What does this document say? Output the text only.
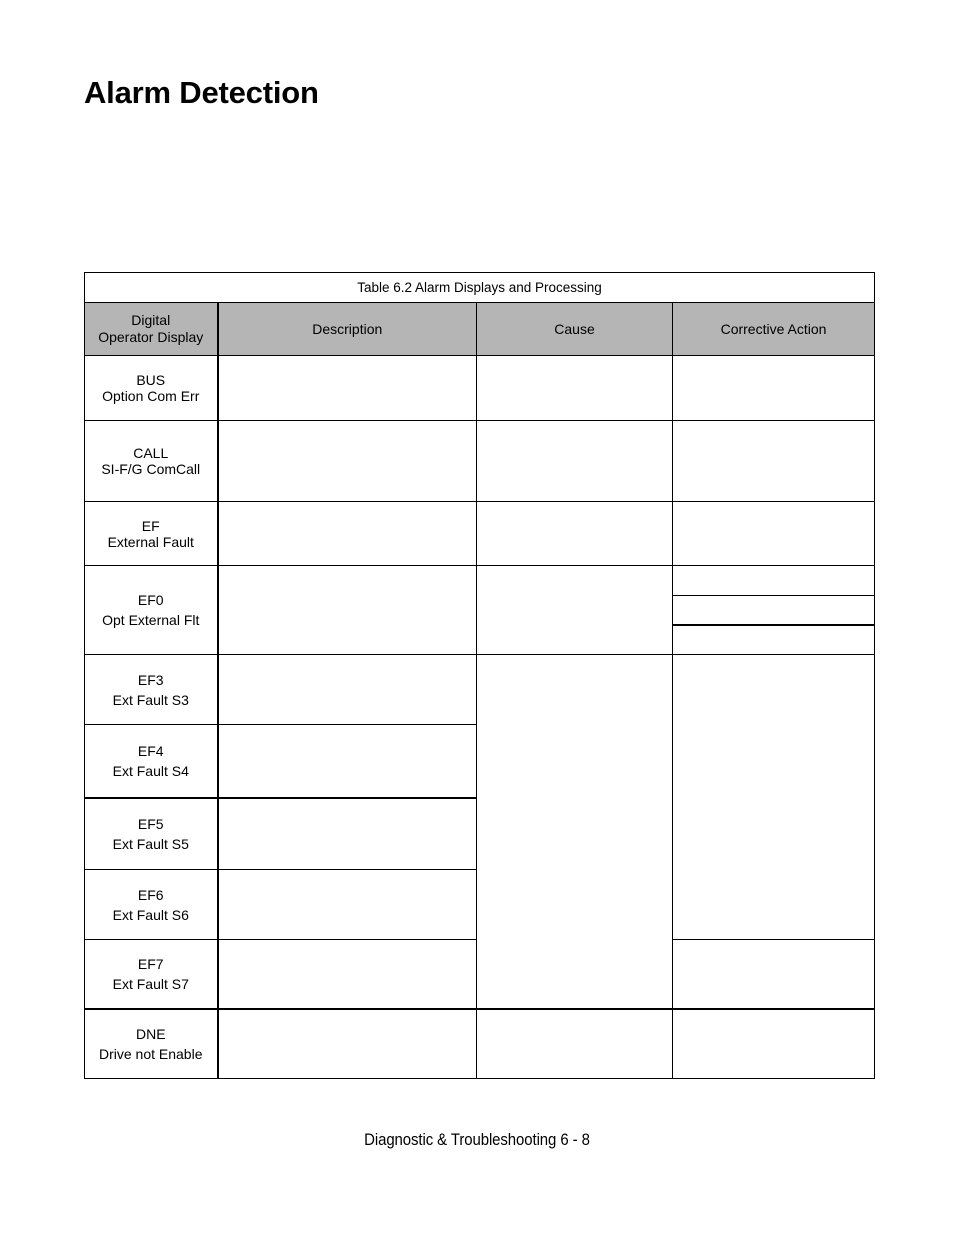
Alarm Detection
Table 6.2 Alarm Displays and Processing			

Digital
Operator Display	Description	Cause	Corrective Action

BUS
Option Com Err			

CALL
SI-F/G ComCall			

EF
External Fault			

EF0
Opt External Flt			

EF3
Ext Fault S3			

EF4
Ext Fault S4			

EF5
Ext Fault S5			

EF6
Ext Fault S6			

EF7
Ext Fault S7			

DNE
Drive not Enable			

Diagnostic & Troubleshooting 6 - 8
